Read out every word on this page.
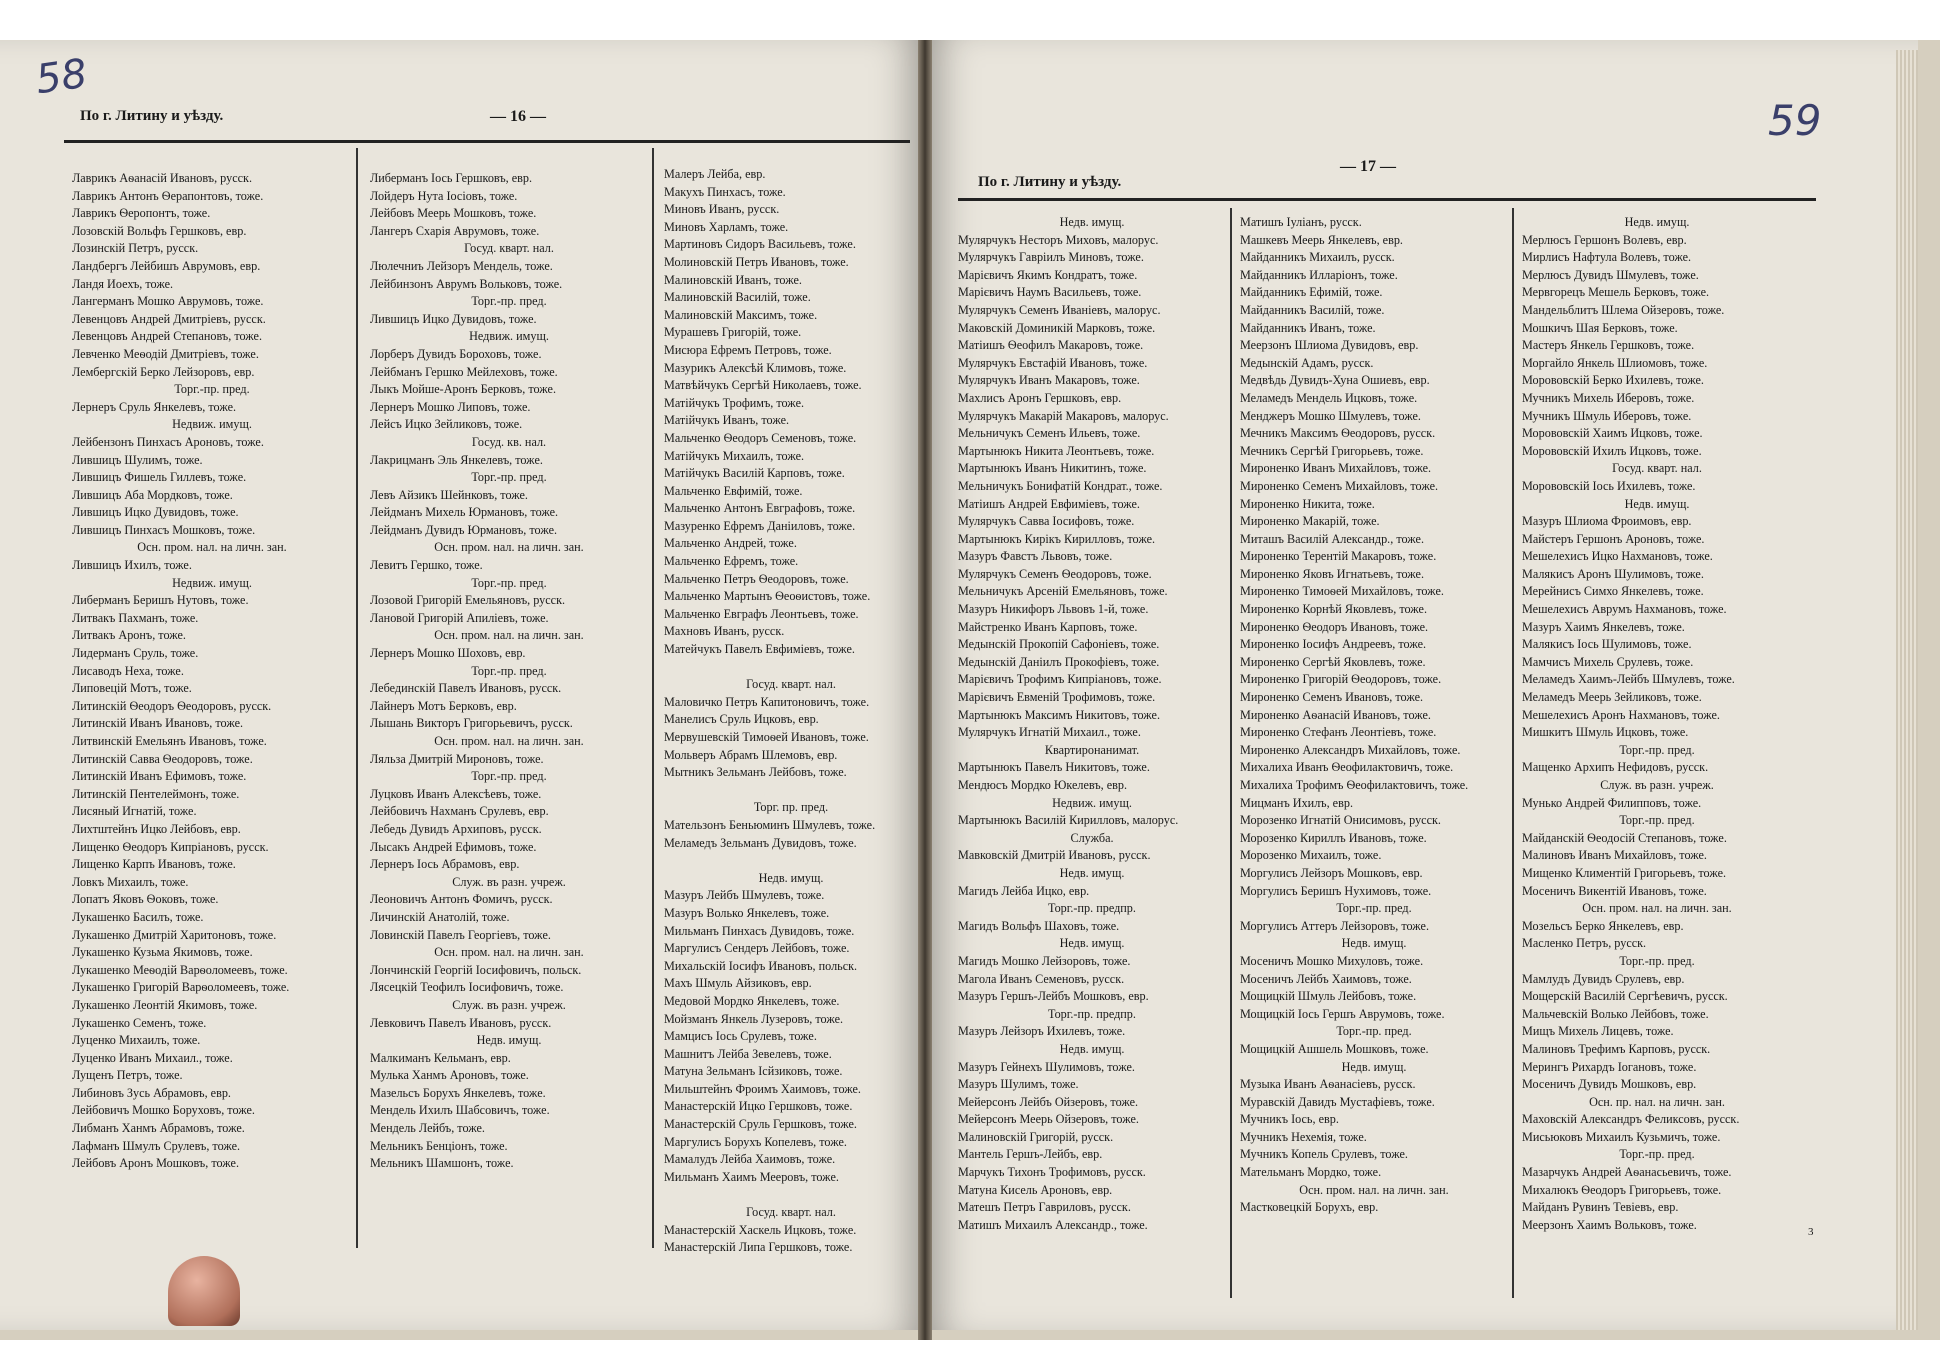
58
По г. Литину и уѣзду.	— 16 —
Лаврикъ Аѳанасій Ивановъ, русск.
Лаврикъ Антонъ Ѳерапонтовъ, тоже.
Лаврикъ Ѳеропонтъ, тоже.
Лозовскій Вольфъ Гершковъ, евр.
Лозинскій Петръ, русск.
Ландбергъ Лейбишъ Аврумовъ, евр.
Ландя Иоехъ, тоже.
Лангерманъ Мошко Аврумовъ, тоже.
Левенцовъ Андрей Дмитріевъ, русск.
Левенцовъ Андрей Степановъ, тоже.
Левченко Меѳодій Дмитріевъ, тоже.
Лембергскій Берко Лейзоровъ, евр.
Торг.-пр. пред.
Лернеръ Сруль Янкелевъ, тоже.
Недвиж. имущ.
Лейбензонъ Пинхасъ Ароновъ, тоже.
Лившицъ Шулимъ, тоже.
Лившицъ Фишель Гиллевъ, тоже.
Лившицъ Аба Мордковъ, тоже.
Лившицъ Ицко Дувидовъ, тоже.
Лившицъ Пинхасъ Мошковъ, тоже.
Осн. пром. нал. на личн. зан.
Лившицъ Ихилъ, тоже.
Недвиж. имущ.
Либерманъ Беришъ Нутовъ, тоже.
Литвакъ Пахманъ, тоже.
Литвакъ Аронъ, тоже.
Лидерманъ Сруль, тоже.
Лисаводъ Неха, тоже.
Липовецій Мотъ, тоже.
Литинскій Ѳеодоръ Ѳеодоровъ, русск.
Литинскій Иванъ Ивановъ, тоже.
Литвинскій Емельянъ Ивановъ, тоже.
Литинскій Савва Ѳеодоровъ, тоже.
Литинскій Иванъ Ефимовъ, тоже.
Литинскій Пентелеймонъ, тоже.
Лисяный Игнатій, тоже.
Лихтштейнъ Ицко Лейбовъ, евр.
Лищенко Ѳеодоръ Кипріановъ, русск.
Лищенко Карпъ Ивановъ, тоже.
Ловкъ Михаилъ, тоже.
Лопатъ Яковъ Ѳоковъ, тоже.
Лукашенко Басилъ, тоже.
Лукашенко Дмитрій Харитоновъ, тоже.
Лукашенко Кузьма Якимовъ, тоже.
Лукашенко Меѳодій Варѳоломеевъ, тоже.
Лукашенко Григорій Варѳоломеевъ, тоже.
Лукашенко Леонтій Якимовъ, тоже.
Лукашенко Семенъ, тоже.
Луценко Михаилъ, тоже.
Луценко Иванъ Михаил., тоже.
Лущенъ Петръ, тоже.
Либиновъ Зусь Абрамовъ, евр.
Лейбовичъ Мошко Боруховъ, тоже.
Либманъ Ханмъ Абрамовъ, тоже.
Лафманъ Шмулъ Срулевъ, тоже.
Лейбовъ Аронъ Мошковъ, тоже.
Либерманъ Іось Гершковъ, евр.
Лойдеръ Нута Іосіовъ, тоже.
Лейбовъ Меерь Мошковъ, тоже.
Лангеръ Схарія Аврумовъ, тоже.
Госуд. кварт. нал.
Люлечниъ Лейзоръ Мендель, тоже.
Лейбинзонъ Аврумъ Вольковъ, тоже.
Торг.-пр. пред.
Лившицъ Ицко Дувидовъ, тоже.
Недвиж. имущ.
Лорберъ Дувидъ Бороховъ, тоже.
Лейбманъ Гершко Мейлеховъ, тоже.
Лыкъ Мойше-Аронъ Берковъ, тоже.
Лернеръ Мошко Липовъ, тоже.
Лейсъ Ицко Зейликовъ, тоже.
Госуд. кв. нал.
Лакрицманъ Эль Янкелевъ, тоже.
Торг.-пр. пред.
Левъ Айзикъ Шейнковъ, тоже.
Лейдманъ Михель Юрмановъ, тоже.
Лейдманъ Дувидъ Юрмановъ, тоже.
Осн. пром. нал. на личн. зан.
Левитъ Гершко, тоже.
Торг.-пр. пред.
Лозовой Григорій Емельяновъ, русск.
Лановой Григорій Апиліевъ, тоже.
Осн. пром. нал. на личн. зан.
Лернеръ Мошко Шоховъ, евр.
Торг.-пр. пред.
Лебединскій Павелъ Ивановъ, русск.
Лайнеръ Мотъ Берковъ, евр.
Лышань Викторъ Григорьевичъ, русск.
Осн. пром. нал. на личн. зан.
Ляльза Дмитрій Мироновъ, тоже.
Торг.-пр. пред.
Луцковъ Иванъ Алексѣевъ, тоже.
Лейбовичъ Нахманъ Срулевъ, евр.
Лебедь Дувидъ Архиповъ, русск.
Лысакъ Андрей Ефимовъ, тоже.
Лернеръ Іось Абрамовъ, евр.
Служ. въ разн. учреж.
Леоновичъ Антонъ Фомичъ, русск.
Личинскій Анатолій, тоже.
Ловинскій Павелъ Георгіевъ, тоже.
Осн. пром. нал. на личн. зан.
Лончинскій Георгій Іосифовичъ, польск.
Лясецкій Теофилъ Іосифовичъ, тоже.
Служ. въ разн. учреж.
Левковичъ Павелъ Ивановъ, русск.
Недв. имущ.
Малкиманъ Кельманъ, евр.
Мулька Ханмъ Ароновъ, тоже.
Мазельсъ Борухъ Янкелевъ, тоже.
Мендель Ихилъ Шабсовичъ, тоже.
Мендель Лейбъ, тоже.
Мельникъ Бенціонъ, тоже.
Мельникъ Шамшонъ, тоже.
Малеръ Лейба, евр.
Макухъ Пинхасъ, тоже.
Миновъ Иванъ, русск.
Миновъ Харламъ, тоже.
Мартиновъ Сидоръ Васильевъ, тоже.
Молиновскій Петръ Ивановъ, тоже.
Малиновскій Иванъ, тоже.
Малиновскій Василій, тоже.
Малиновскій Максимъ, тоже.
Мурашевъ Григорій, тоже.
Мисюра Ефремъ Петровъ, тоже.
Мазурикъ Алексѣй Климовъ, тоже.
Матвѣйчукъ Сергѣй Николаевъ, тоже.
Матійчукъ Трофимъ, тоже.
Матійчукъ Иванъ, тоже.
Мальченко Ѳеодоръ Семеновъ, тоже.
Матійчукъ Михаилъ, тоже.
Матійчукъ Василій Карповъ, тоже.
Мальченко Евфимій, тоже.
Мальченко Антонъ Евграфовъ, тоже.
Мазуренко Ефремъ Даніиловъ, тоже.
Мальченко Андрей, тоже.
Мальченко Ефремъ, тоже.
Мальченко Петръ Ѳеодоровъ, тоже.
Мальченко Мартынъ Ѳеоѳистовъ, тоже.
Мальченко Евграфъ Леонтьевъ, тоже.
Махновъ Иванъ, русск.
Матейчукъ Павелъ Евфиміевъ, тоже.

Госуд. кварт. нал.
Маловичко Петръ Капитоновичъ, тоже.
Манелисъ Сруль Ицковъ, евр.
Мервушевскій Тимоѳей Ивановъ, тоже.
Мольверъ Абрамъ Шлемовъ, евр.
Мытникъ Зельманъ Лейбовъ, тоже.

Торг. пр. пред.
Мательзонъ Беньюминъ Шмулевъ, тоже.
Меламедъ Зельманъ Дувидовъ, тоже.

Недв. имущ.
Мазуръ Лейбъ Шмулевъ, тоже.
Мазуръ Волько Янкелевъ, тоже.
Мильманъ Пинхасъ Дувидовъ, тоже.
Маргулисъ Сендеръ Лейбовъ, тоже.
Михальскій Іосифъ Ивановъ, польск.
Махъ Шмуль Айзиковъ, евр.
Медовой Мордко Янкелевъ, тоже.
Мойзманъ Янкель Лузеровъ, тоже.
Мамцисъ Іось Срулевъ, тоже.
Машнитъ Лейба Зевелевъ, тоже.
Матуна Зельманъ Ісйзиковъ, тоже.
Мильштейнъ Фроимъ Хаимовъ, тоже.
Манастерскій Ицко Гершковъ, тоже.
Манастерскій Сруль Гершковъ, тоже.
Маргулисъ Борухъ Копелевъ, тоже.
Мамалудъ Лейба Хаимовъ, тоже.
Мильманъ Хаимъ Мееровъ, тоже.

Госуд. кварт. нал.
Манастерскій Хаскель Ицковъ, тоже.
Манастерскій Липа Гершковъ, тоже.
59
По г. Литину и уѣзду.
— 17 —
Недв. имущ.
Мулярчукъ Несторъ Миховъ, малорус.
Мулярчукъ Гавріилъ Миновъ, тоже.
Марієвичъ Якимъ Кондратъ, тоже.
Марієвичъ Наумъ Васильевъ, тоже.
Мулярчукъ Семенъ Иваніевъ, малорус.
Маковскій Доминикій Марковъ, тоже.
Матіишъ Ѳеофилъ Макаровъ, тоже.
Мулярчукъ Евстафій Ивановъ, тоже.
Мулярчукъ Иванъ Макаровъ, тоже.
Махлисъ Аронъ Гершковъ, евр.
Мулярчукъ Макарій Макаровъ, малорус.
Мельничукъ Семенъ Ильевъ, тоже.
Мартынюкъ Никита Леонтьевъ, тоже.
Мартынюкъ Иванъ Никитинъ, тоже.
Мельничукъ Бонифатій Кондрат., тоже.
Матіишъ Андрей Евфиміевъ, тоже.
Мулярчукъ Савва Іосифовъ, тоже.
Мартынюкъ Кирікъ Кирилловъ, тоже.
Мазуръ Фавстъ Львовъ, тоже.
Мулярчукъ Семенъ Ѳеодоровъ, тоже.
Мельничукъ Арсеній Емельяновъ, тоже.
Мазуръ Никифоръ Львовъ 1-й, тоже.
Майстренко Иванъ Карповъ, тоже.
Медынскій Прокопій Сафоніевъ, тоже.
Медынскій Даніилъ Прокофіевъ, тоже.
Марієвичъ Трофимъ Кипріановъ, тоже.
Марієвичъ Евменій Трофимовъ, тоже.
Мартынюкъ Максимъ Никитовъ, тоже.
Мулярчукъ Игнатій Михаил., тоже.
Квартиронанимат.
Мартынюкъ Павелъ Никитовъ, тоже.
Мендюсъ Мордко Юкелевъ, евр.
Недвиж. имущ.
Мартынюкъ Василій Кирилловъ, малорус.
Служба.
Мавковскій Дмитрій Ивановъ, русск.
Недв. имущ.
Магидъ Лейба Ицко, евр.
Торг.-пр. предпр.
Магидъ Вольфъ Шаховъ, тоже.
Недв. имущ.
Магидъ Мошко Лейзоровъ, тоже.
Магола Иванъ Семеновъ, русск.
Мазуръ Гершъ-Лейбъ Мошковъ, евр.
Торг.-пр. предпр.
Мазуръ Лейзоръ Ихилевъ, тоже.
Недв. имущ.
Мазуръ Гейнехъ Шулимовъ, тоже.
Мазуръ Шулимъ, тоже.
Мейерсонъ Лейбъ Ойзеровъ, тоже.
Мейерсонъ Меерь Ойзеровъ, тоже.
Малиновскій Григорій, русск.
Мантель Гершъ-Лейбъ, евр.
Марчукъ Тихонъ Трофимовъ, русск.
Матуна Кисель Ароновъ, евр.
Матешъ Петръ Гавриловъ, русск.
Матишъ Михаилъ Александр., тоже.
Матишъ Іуліанъ, русск.
Машкевъ Меерь Янкелевъ, евр.
Майданникъ Михаилъ, русск.
Майданникъ Илларіонъ, тоже.
Майданникъ Ефимій, тоже.
Майданникъ Василій, тоже.
Майданникъ Иванъ, тоже.
Меерзонъ Шлиома Дувидовъ, евр.
Медынскій Адамъ, русск.
Медвѣдь Дувидъ-Хуна Ошиевъ, евр.
Меламедъ Мендель Ицковъ, тоже.
Менджеръ Мошко Шмулевъ, тоже.
Мечникъ Максимъ Ѳеодоровъ, русск.
Мечникъ Сергѣй Григорьевъ, тоже.
Мироненко Иванъ Михайловъ, тоже.
Мироненко Семенъ Михайловъ, тоже.
Мироненко Никита, тоже.
Мироненко Макарій, тоже.
Миташъ Василій Александр., тоже.
Мироненко Терентій Макаровъ, тоже.
Мироненко Яковъ Игнатьевъ, тоже.
Мироненко Тимоѳей Михайловъ, тоже.
Мироненко Корнѣй Яковлевъ, тоже.
Мироненко Ѳеодоръ Ивановъ, тоже.
Мироненко Іосифъ Андреевъ, тоже.
Мироненко Сергѣй Яковлевъ, тоже.
Мироненко Григорій Ѳеодоровъ, тоже.
Мироненко Семенъ Ивановъ, тоже.
Мироненко Аѳанасій Ивановъ, тоже.
Мироненко Стефанъ Леонтіевъ, тоже.
Мироненко Александръ Михайловъ, тоже.
Михалиха Иванъ Ѳеофилактовичъ, тоже.
Михалиха Трофимъ Ѳеофилактовичъ, тоже.
Мицманъ Ихилъ, евр.
Морозенко Игнатій Онисимовъ, русск.
Морозенко Кириллъ Ивановъ, тоже.
Морозенко Михаилъ, тоже.
Моргулисъ Лейзоръ Мошковъ, евр.
Моргулисъ Беришъ Нухимовъ, тоже.
Торг.-пр. пред.
Моргулисъ Аттеръ Лейзоровъ, тоже.
Недв. имущ.
Мосеничъ Мошко Михуловъ, тоже.
Мосеничъ Лейбъ Хаимовъ, тоже.
Мощицкій Шмуль Лейбовъ, тоже.
Мощицкій Іось Гершъ Аврумовъ, тоже.
Торг.-пр. пред.
Мощицкій Ашшель Мошковъ, тоже.
Недв. имущ.
Музыка Иванъ Аѳанасіевъ, русск.
Муравскій Давидъ Мустафіевъ, тоже.
Мучникъ Іось, евр.
Мучникъ Нехемія, тоже.
Мучникъ Копель Срулевъ, тоже.
Мательманъ Мордко, тоже.
Осн. пром. нал. на личн. зан.
Мастковецкій Борухъ, евр.
Недв. имущ.
Мерлюсъ Гершонъ Волевъ, евр.
Мирлисъ Нафтула Волевъ, тоже.
Мерлюсъ Дувидъ Шмулевъ, тоже.
Мервгорецъ Мешель Берковъ, тоже.
Мандельблитъ Шлема Ойзеровъ, тоже.
Мошкичъ Шая Берковъ, тоже.
Мастеръ Янкель Гершковъ, тоже.
Моргайло Янкель Шлиомовъ, тоже.
Морововскій Берко Ихилевъ, тоже.
Мучникъ Михель Иберовъ, тоже.
Мучникъ Шмуль Иберовъ, тоже.
Морововскій Хаимъ Ицковъ, тоже.
Морововскій Ихилъ Ицковъ, тоже.
Госуд. кварт. нал.
Морововскій Іось Ихилевъ, тоже.
Недв. имущ.
Мазуръ Шлиома Фроимовъ, евр.
Майстеръ Гершонъ Ароновъ, тоже.
Мешелехисъ Ицко Нахмановъ, тоже.
Малякисъ Аронъ Шулимовъ, тоже.
Мерейнисъ Симхо Янкелевъ, тоже.
Мешелехисъ Аврумъ Нахмановъ, тоже.
Мазуръ Хаимъ Янкелевъ, тоже.
Малякисъ Іось Шулимовъ, тоже.
Мамчисъ Михель Срулевъ, тоже.
Меламедъ Хаимъ-Лейбъ Шмулевъ, тоже.
Меламедъ Меерь Зейликовъ, тоже.
Мешелехисъ Аронъ Нахмановъ, тоже.
Мишкитъ Шмуль Ицковъ, тоже.
Торг.-пр. пред.
Мащенко Архипъ Нефидовъ, русск.
Служ. въ разн. учреж.
Мунько Андрей Филипповъ, тоже.
Торг.-пр. пред.
Майданскій Ѳеодосій Степановъ, тоже.
Малиновъ Иванъ Михайловъ, тоже.
Мищенко Климентій Григорьевъ, тоже.
Мосеничъ Викентій Ивановъ, тоже.
Осн. пром. нал. на личн. зан.
Мозельсъ Берко Янкелевъ, евр.
Масленко Петръ, русск.
Торг.-пр. пред.
Мамлудъ Дувидъ Срулевъ, евр.
Мощерскій Василій Сергѣевичъ, русск.
Мальчевскій Волько Лейбовъ, тоже.
Мищъ Михель Лицевъ, тоже.
Малиновъ Трефимъ Карповъ, русск.
Мерингъ Рихардъ Іогановъ, тоже.
Мосеничъ Дувидъ Мошковъ, евр.
Осн. пр. нал. на личн. зан.
Маховскій Александръ Феликсовъ, русск.
Мисьюковъ Михаилъ Кузьмичъ, тоже.
Торг.-пр. пред.
Мазарчукъ Андрей Аѳанасьевичъ, тоже.
Михалюкъ Ѳеодоръ Григорьевъ, тоже.
Майданъ Рувинъ Тевіевъ, евр.
Меерзонъ Хаимъ Вольковъ, тоже.
3
